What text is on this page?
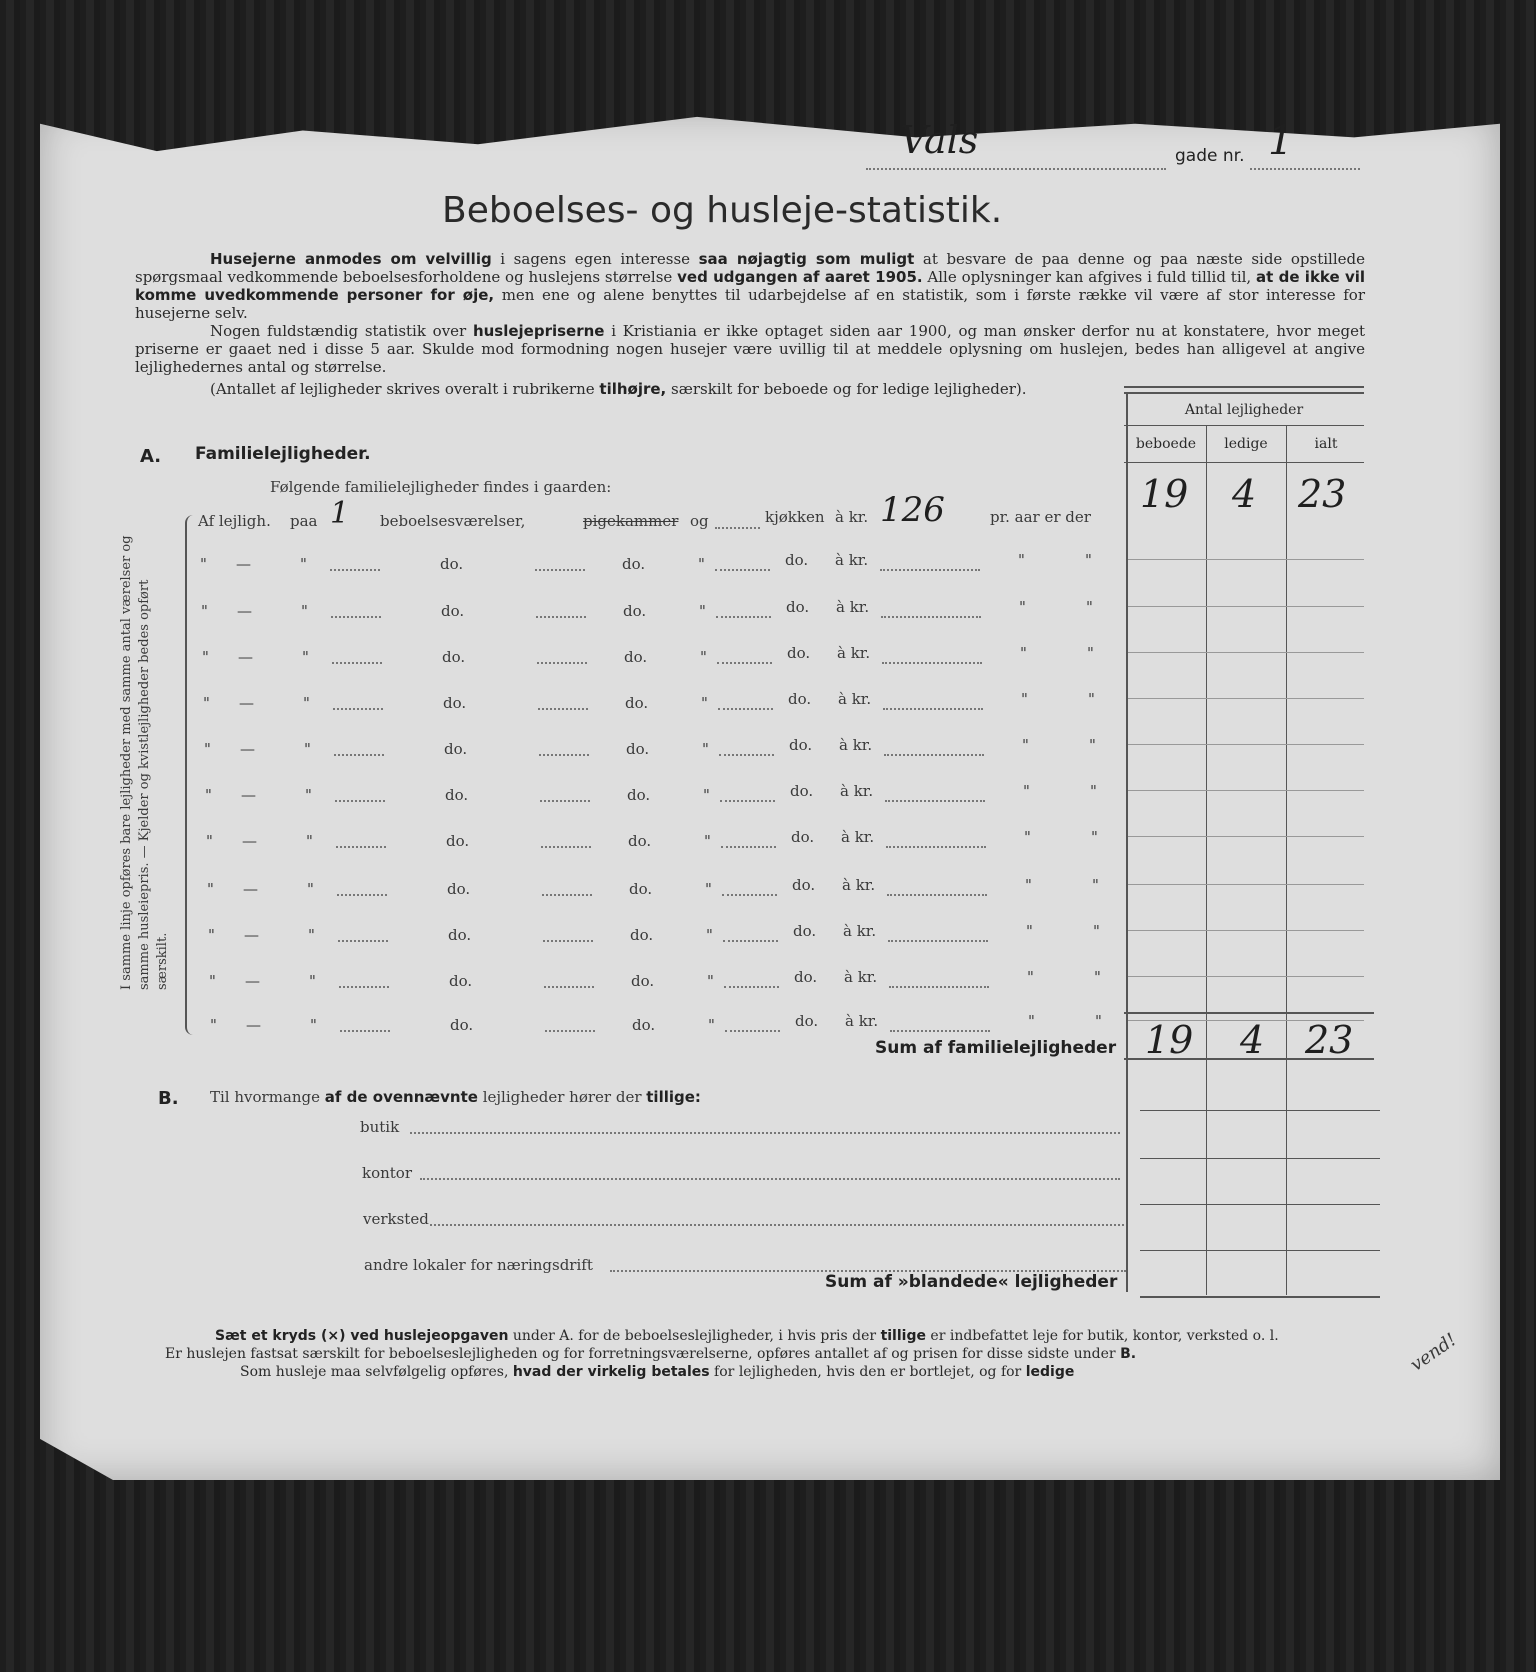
Vals	gade nr. 1
Beboelses- og husleje-statistik.
Husejerne anmodes om velvillig i sagens egen interesse saa nøjagtig som muligt at besvare de paa denne og paa næste side opstillede spørgsmaal vedkommende beboelsesforholdene og huslejens størrelse ved udgangen af aaret 1905. Alle oplysninger kan afgives i fuld tillid til, at de ikke vil komme uvedkommende personer for øje, men ene og alene benyttes til udarbejdelse af en statistik, som i første række vil være af stor interesse for husejerne selv.
Nogen fuldstændig statistik over huslejepriserne i Kristiania er ikke optaget siden aar 1900, og man ønsker derfor nu at konstatere, hvor meget priserne er gaaet ned i disse 5 aar. Skulde mod formodning nogen husejer være uvillig til at meddele oplysning om huslejen, bedes han alligevel at angive lejlighedernes antal og størrelse.
(Antallet af lejligheder skrives overalt i rubrikerne tilhøjre, særskilt for beboede og for ledige lejligheder).
Antal lejligheder
beboede	ledige	ialt
A. Familielejligheder.
Følgende familielejligheder findes i gaarden:
I samme linje opføres bare lejligheder med samme antal værelser og samme husleiepris. — Kjelder og kvistlejligheder bedes opført særskilt.
Af lejligh. paa 1 beboelsesværelser,	pigekammer og	kjøkken à kr. 126	pr. aar er der
19 4 23
" —	"	do.	do.	"	do. à kr.	"	"
" —	"	do.	do.	"	do. à kr.	"	"
" —	"	do.	do.	"	do. à kr.	"	"
" —	"	do.	do.	"	do. à kr.	"	"
" —	"	do.	do.	"	do. à kr.	"	"
" —	"	do.	do.	"	do. à kr.	"	"
" —	"	do.	do.	"	do. à kr.	"	"
" —	"	do.	do.	"	do. à kr.	"	"
" —	"	do.	do.	"	do. à kr.	"	"
" —	"	do.	do.	"	do. à kr.	"	"
" —	"	do.	do.	"	do. à kr.	"	"
Sum af familielejligheder 19 4 23
B. Til hvormange af de ovennævnte lejligheder hører der tillige:
butik
kontor
verksted
andre lokaler for næringsdrift
Sum af »blandede« lejligheder
Sæt et kryds (×) ved huslejeopgaven under A. for de beboelseslejligheder, i hvis pris der tillige er indbefattet leje for butik, kontor, verksted o. l.
Er huslejen fastsat særskilt for beboelseslejligheden og for forretningsværelserne, opføres antallet af og prisen for disse sidste under B.
Som husleje maa selvfølgelig opføres, hvad der virkelig betales for lejligheden, hvis den er bortlejet, og for ledige	vend!
